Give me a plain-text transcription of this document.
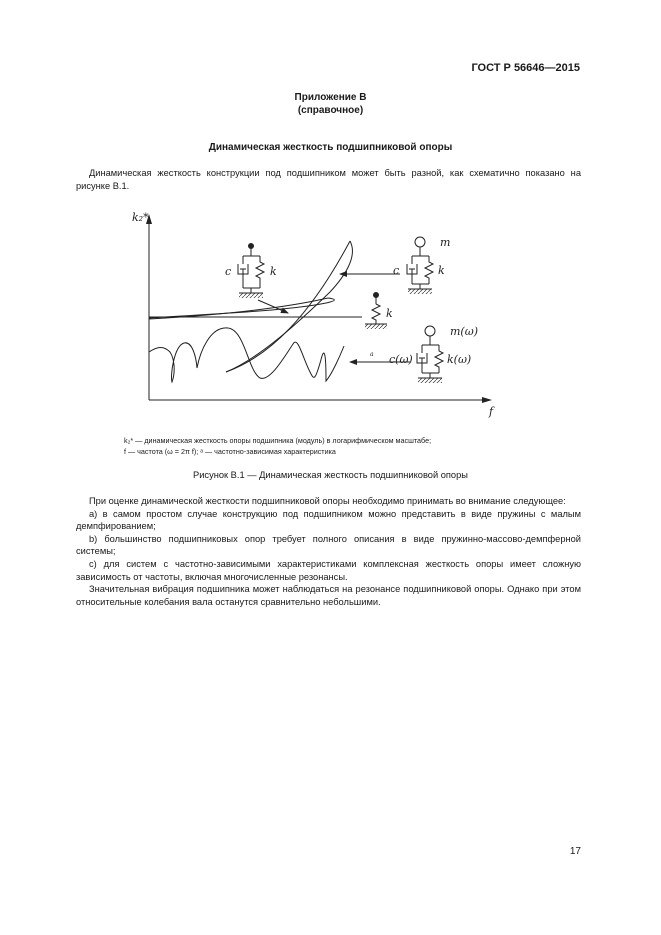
ГОСТ Р 56646—2015
Приложение В
(справочное)
Динамическая жесткость подшипниковой опоры

Динамическая жесткость конструкции под подшипником может быть разной, как схематично показано на рисунке В.1.

k₂*
f
a
c	k
m
c	k
k
m(ω)
c(ω)	k(ω)
k₂* — динамическая жесткость опоры подшипника (модуль) в логарифмическом масштабе;
f — частота (ω = 2π f); ᵃ — частотно-зависимая характеристика
Рисунок В.1 — Динамическая жесткость подшипниковой опоры

При оценке динамической жесткости подшипниковой опоры необходимо принимать во внимание следующее:

a) в самом простом случае конструкцию под подшипником можно представить в виде пружины с малым демпфированием;

b) большинство подшипниковых опор требует полного описания в виде пружинно-массово-демпферной системы;

c) для систем с частотно-зависимыми характеристиками комплексная жесткость опоры имеет сложную зависимость от частоты, включая многочисленные резонансы.

Значительная вибрация подшипника может наблюдаться на резонансе подшипниковой опоры. Однако при этом относительные колебания вала останутся сравнительно небольшими.

17
